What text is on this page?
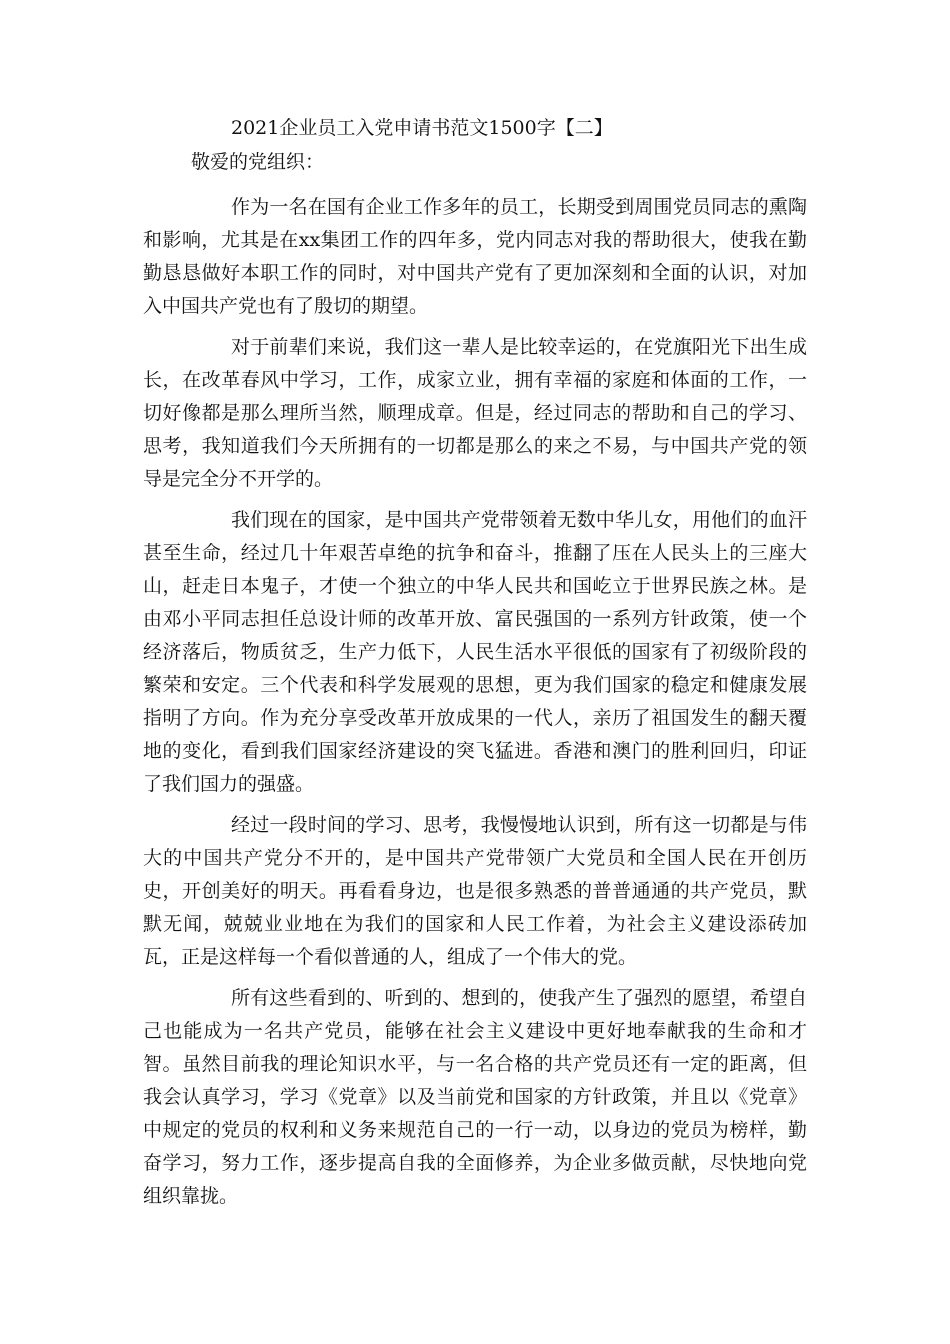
2021企业员工入党申请书范文1500字【二】

敬爱的党组织：

作为一名在国有企业工作多年的员工，长期受到周围党员同志的熏陶和影响，尤其是在xx集团工作的四年多，党内同志对我的帮助很大，使我在勤勤恳恳做好本职工作的同时，对中国共产党有了更加深刻和全面的认识，对加入中国共产党也有了殷切的期望。

对于前辈们来说，我们这一辈人是比较幸运的，在党旗阳光下出生成长，在改革春风中学习，工作，成家立业，拥有幸福的家庭和体面的工作，一切好像都是那么理所当然，顺理成章。但是，经过同志的帮助和自己的学习、思考，我知道我们今天所拥有的一切都是那么的来之不易，与中国共产党的领导是完全分不开学的。

我们现在的国家，是中国共产党带领着无数中华儿女，用他们的血汗甚至生命，经过几十年艰苦卓绝的抗争和奋斗，推翻了压在人民头上的三座大山，赶走日本鬼子，才使一个独立的中华人民共和国屹立于世界民族之林。是由邓小平同志担任总设计师的改革开放、富民强国的一系列方针政策，使一个经济落后，物质贫乏，生产力低下，人民生活水平很低的国家有了初级阶段的繁荣和安定。三个代表和科学发展观的思想，更为我们国家的稳定和健康发展指明了方向。作为充分享受改革开放成果的一代人，亲历了祖国发生的翻天覆地的变化，看到我们国家经济建设的突飞猛进。香港和澳门的胜利回归，印证了我们国力的强盛。

经过一段时间的学习、思考，我慢慢地认识到，所有这一切都是与伟大的中国共产党分不开的，是中国共产党带领广大党员和全国人民在开创历史，开创美好的明天。再看看身边，也是很多熟悉的普普通通的共产党员，默默无闻，兢兢业业地在为我们的国家和人民工作着，为社会主义建设添砖加瓦，正是这样每一个看似普通的人，组成了一个伟大的党。

所有这些看到的、听到的、想到的，使我产生了强烈的愿望，希望自己也能成为一名共产党员，能够在社会主义建设中更好地奉献我的生命和才智。虽然目前我的理论知识水平，与一名合格的共产党员还有一定的距离，但我会认真学习，学习《党章》以及当前党和国家的方针政策，并且以《党章》中规定的党员的权利和义务来规范自己的一行一动，以身边的党员为榜样，勤奋学习，努力工作，逐步提高自我的全面修养，为企业多做贡献，尽快地向党组织靠拢。
